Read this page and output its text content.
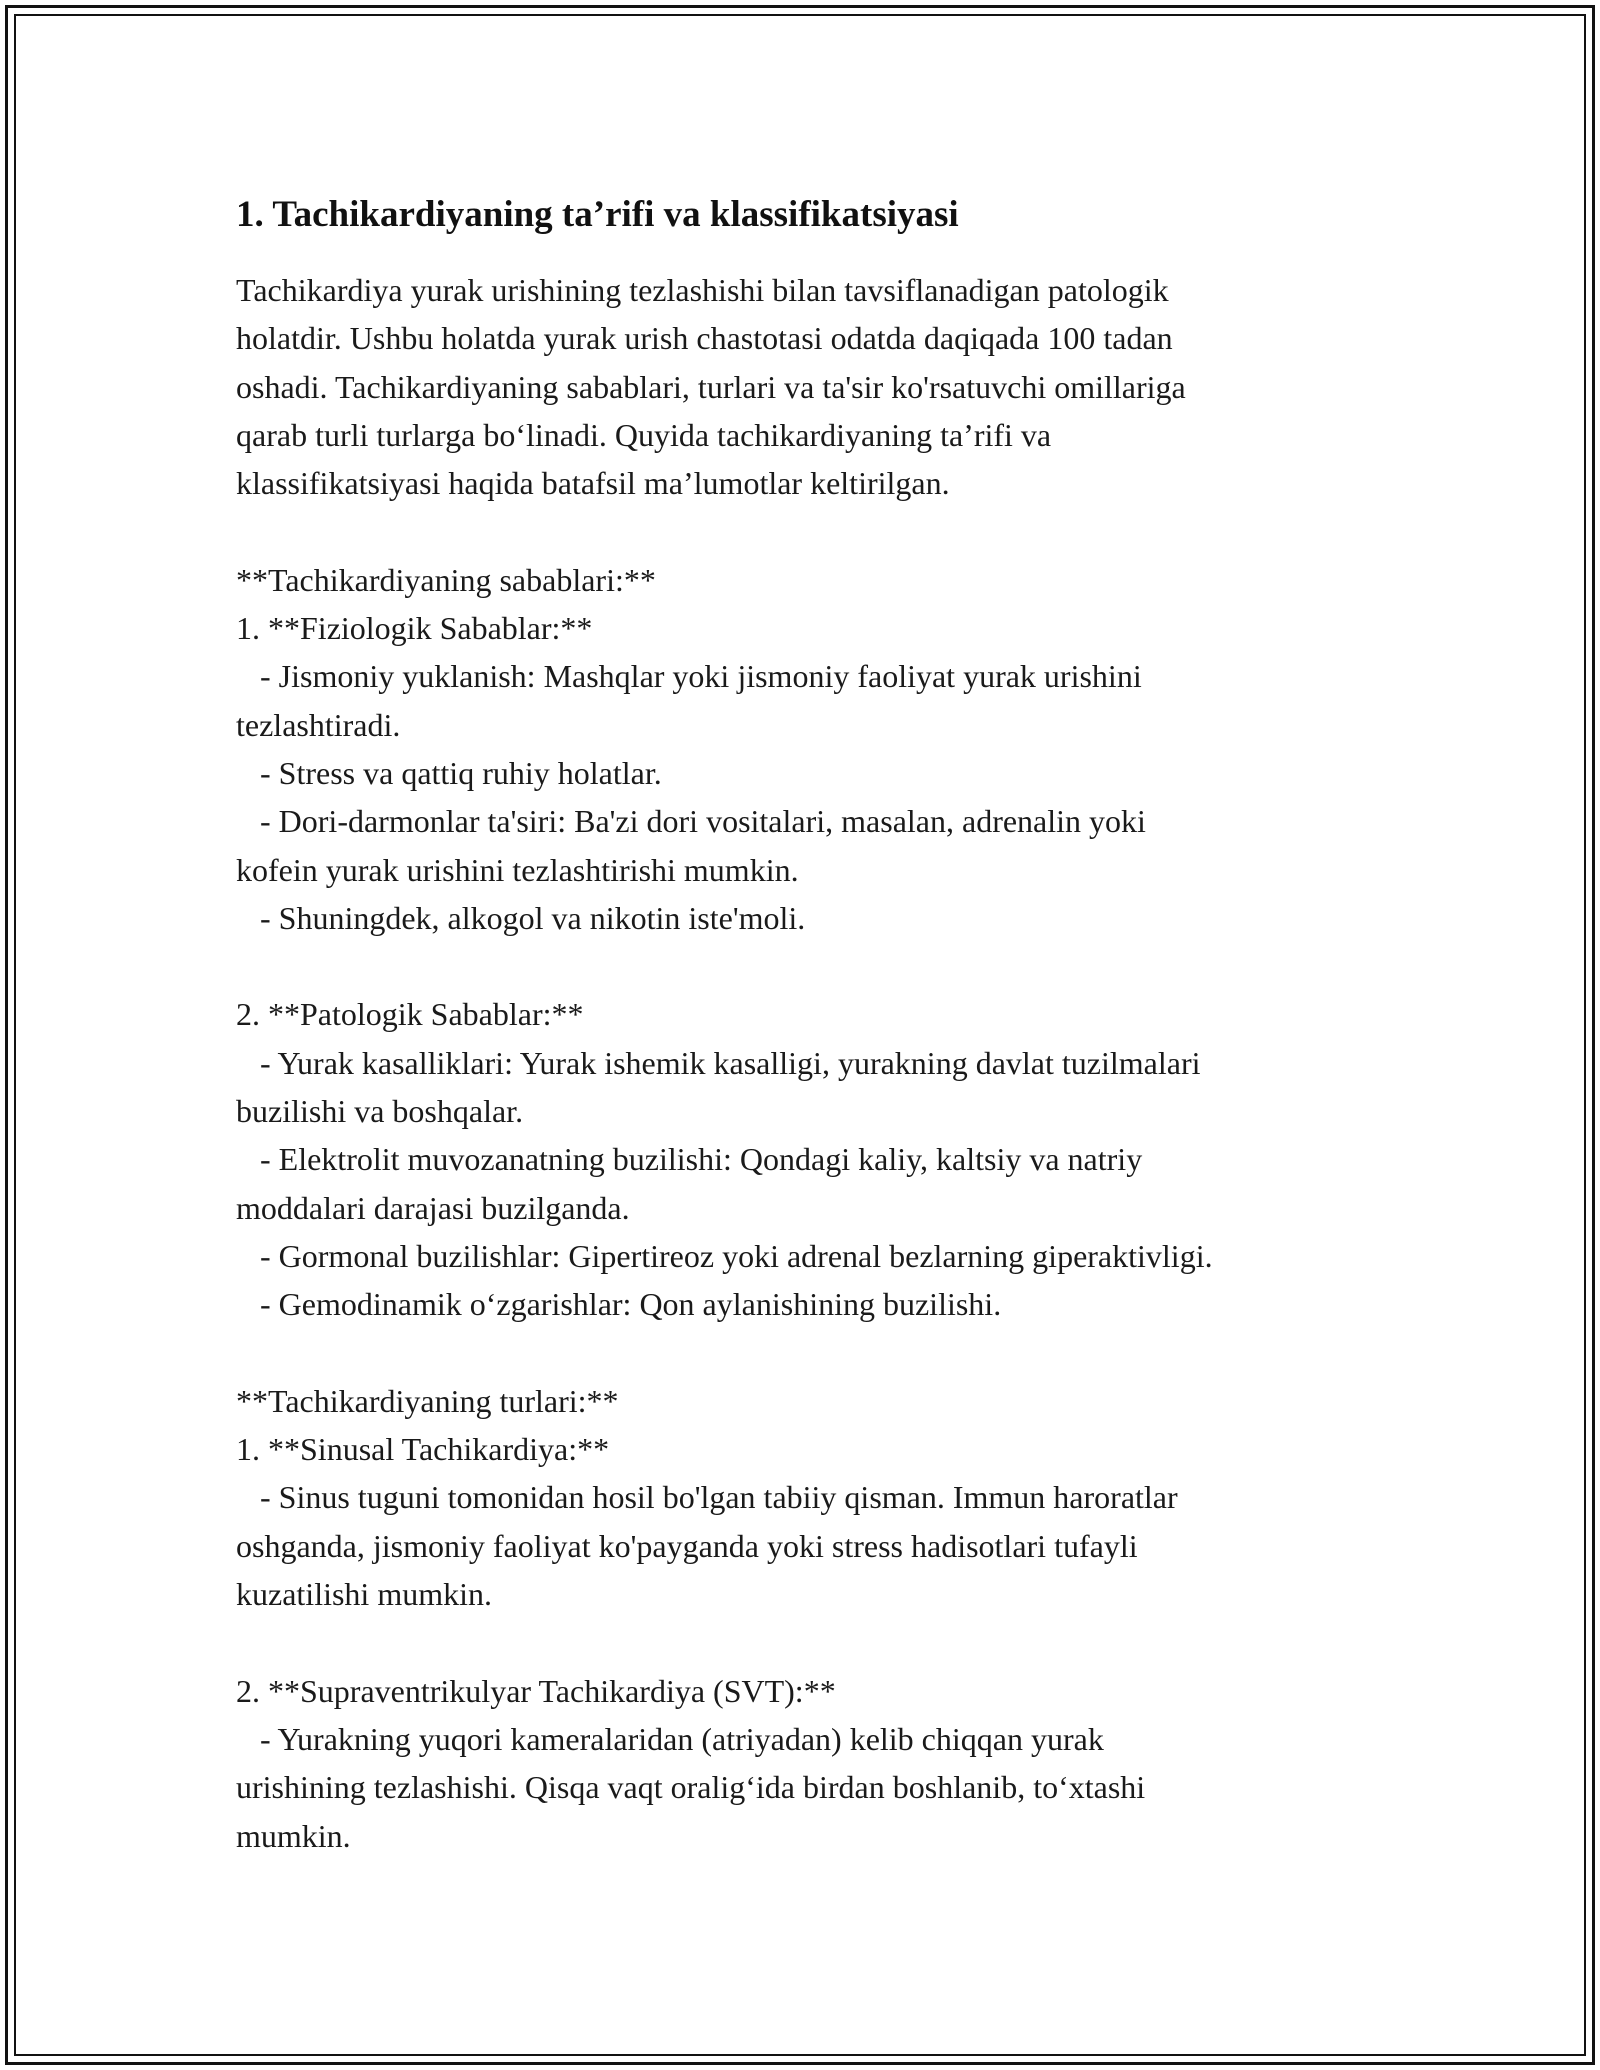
1. Tachikardiyaning ta’rifi va klassifikatsiyasi
Tachikardiya yurak urishining tezlashishi bilan tavsiflanadigan patologik
holatdir. Ushbu holatda yurak urish chastotasi odatda daqiqada 100 tadan
oshadi. Tachikardiyaning sabablari, turlari va ta'sir ko'rsatuvchi omillariga
qarab turli turlarga bo‘linadi. Quyida tachikardiyaning ta’rifi va
klassifikatsiyasi haqida batafsil ma’lumotlar keltirilgan.

**Tachikardiyaning sabablari:**
1. **Fiziologik Sabablar:**
- Jismoniy yuklanish: Mashqlar yoki jismoniy faoliyat yurak urishini
tezlashtiradi.
- Stress va qattiq ruhiy holatlar.
- Dori-darmonlar ta'siri: Ba'zi dori vositalari, masalan, adrenalin yoki
kofein yurak urishini tezlashtirishi mumkin.
- Shuningdek, alkogol va nikotin iste'moli.

2. **Patologik Sabablar:**
- Yurak kasalliklari: Yurak ishemik kasalligi, yurakning davlat tuzilmalari
buzilishi va boshqalar.
- Elektrolit muvozanatning buzilishi: Qondagi kaliy, kaltsiy va natriy
moddalari darajasi buzilganda.
- Gormonal buzilishlar: Gipertireoz yoki adrenal bezlarning giperaktivligi.
- Gemodinamik o‘zgarishlar: Qon aylanishining buzilishi.

**Tachikardiyaning turlari:**
1. **Sinusal Tachikardiya:**
- Sinus tuguni tomonidan hosil bo'lgan tabiiy qisman. Immun haroratlar
oshganda, jismoniy faoliyat ko'payganda yoki stress hadisotlari tufayli
kuzatilishi mumkin.

2. **Supraventrikulyar Tachikardiya (SVT):**
- Yurakning yuqori kameralaridan (atriyadan) kelib chiqqan yurak
urishining tezlashishi. Qisqa vaqt oralig‘ida birdan boshlanib, to‘xtashi
mumkin.
